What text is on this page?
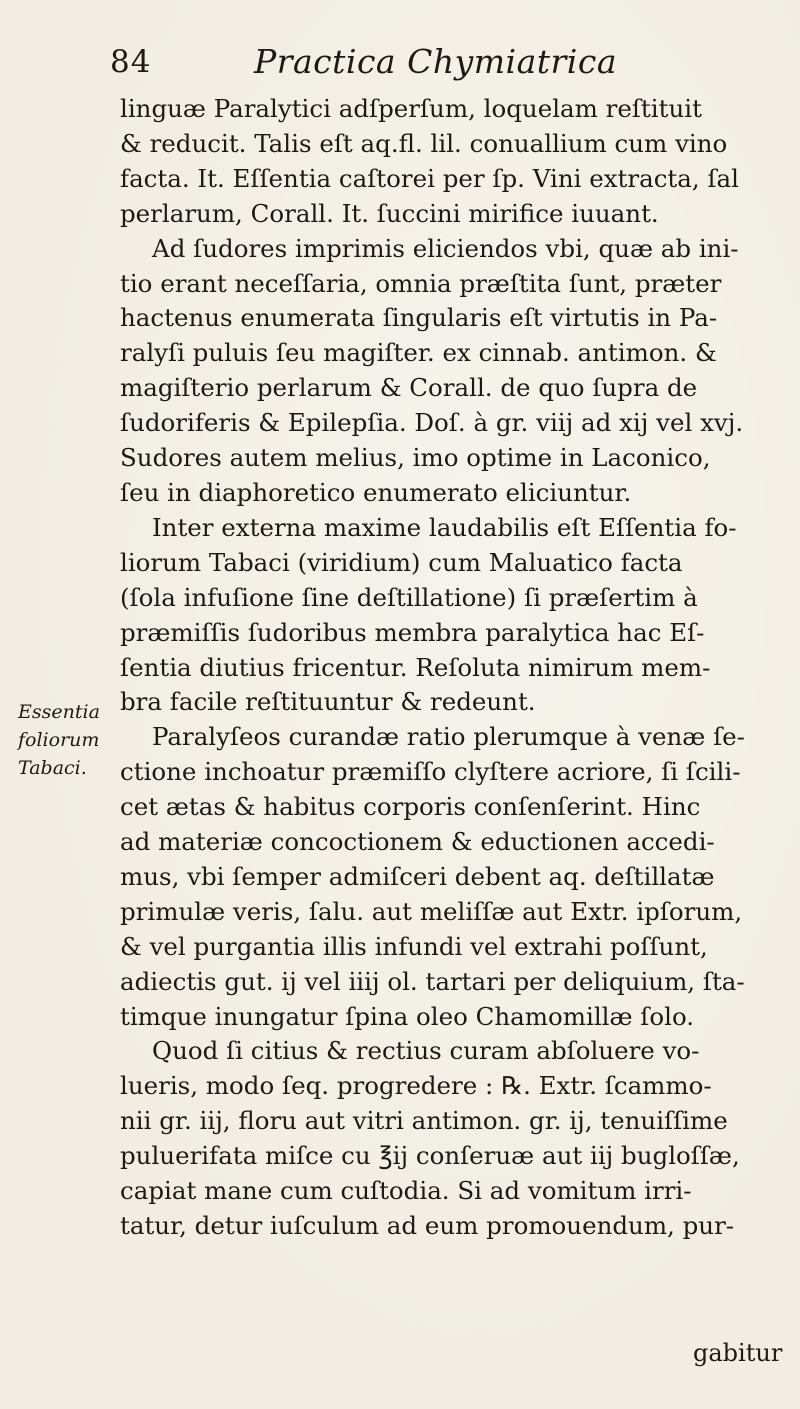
84	Practica Chymiatrica
Essentia
foliorum
Tabaci.
linguæ Paralytici adſperſum, loquelam reſtituit
& reducit. Talis eſt aq.fl. lil. conuallium cum vino
facta. It. Eſſentia caſtorei per ſp. Vini extracta, ſal
perlarum, Corall. It. ſuccini mirifice iuuant.
Ad ſudores imprimis eliciendos vbi, quæ ab ini-
tio erant neceſſaria, omnia præſtita ſunt, præter
hactenus enumerata ſingularis eſt virtutis in Pa-
ralyſi puluis ſeu magiſter. ex cinnab. antimon. &
magiſterio perlarum & Corall. de quo ſupra de
ſudoriferis & Epilepſia. Doſ. à gr. viij ad xij vel xvj.
Sudores autem melius, imo optime in Laconico,
ſeu in diaphoretico enumerato eliciuntur.
Inter externa maxime laudabilis eſt Eſſentia fo-
liorum Tabaci (viridium) cum Maluatico facta
(ſola infuſione ſine deſtillatione) ſi præſertim à
præmiſſis ſudoribus membra paralytica hac Eſ-
ſentia diutius fricentur. Reſoluta nimirum mem-
bra facile reſtituuntur & redeunt.
Paralyſeos curandæ ratio plerumque à venæ ſe-
ctione inchoatur præmiſſo clyſtere acriore, ſi ſcili-
cet ætas & habitus corporis conſenſerint. Hinc
ad materiæ concoctionem & eductionen accedi-
mus, vbi ſemper admiſceri debent aq. deſtillatæ
primulæ veris, ſalu. aut meliſſæ aut Extr. ipſorum,
& vel purgantia illis infundi vel extrahi poſſunt,
adiectis gut. ij vel iiij ol. tartari per deliquium, ſta-
timque inungatur ſpina oleo Chamomillæ ſolo.
Quod ſi citius & rectius curam abſoluere vo-
lueris, modo ſeq. progredere : ℞. Extr. ſcammo-
nii gr. iij, floru aut vitri antimon. gr. ij, tenuiſſime
puluerifata miſce cu ℥ij conſeruæ aut iij bugloſſæ,
capiat mane cum cuſtodia. Si ad vomitum irri-
tatur, detur iuſculum ad eum promouendum, pur-
gabitur
